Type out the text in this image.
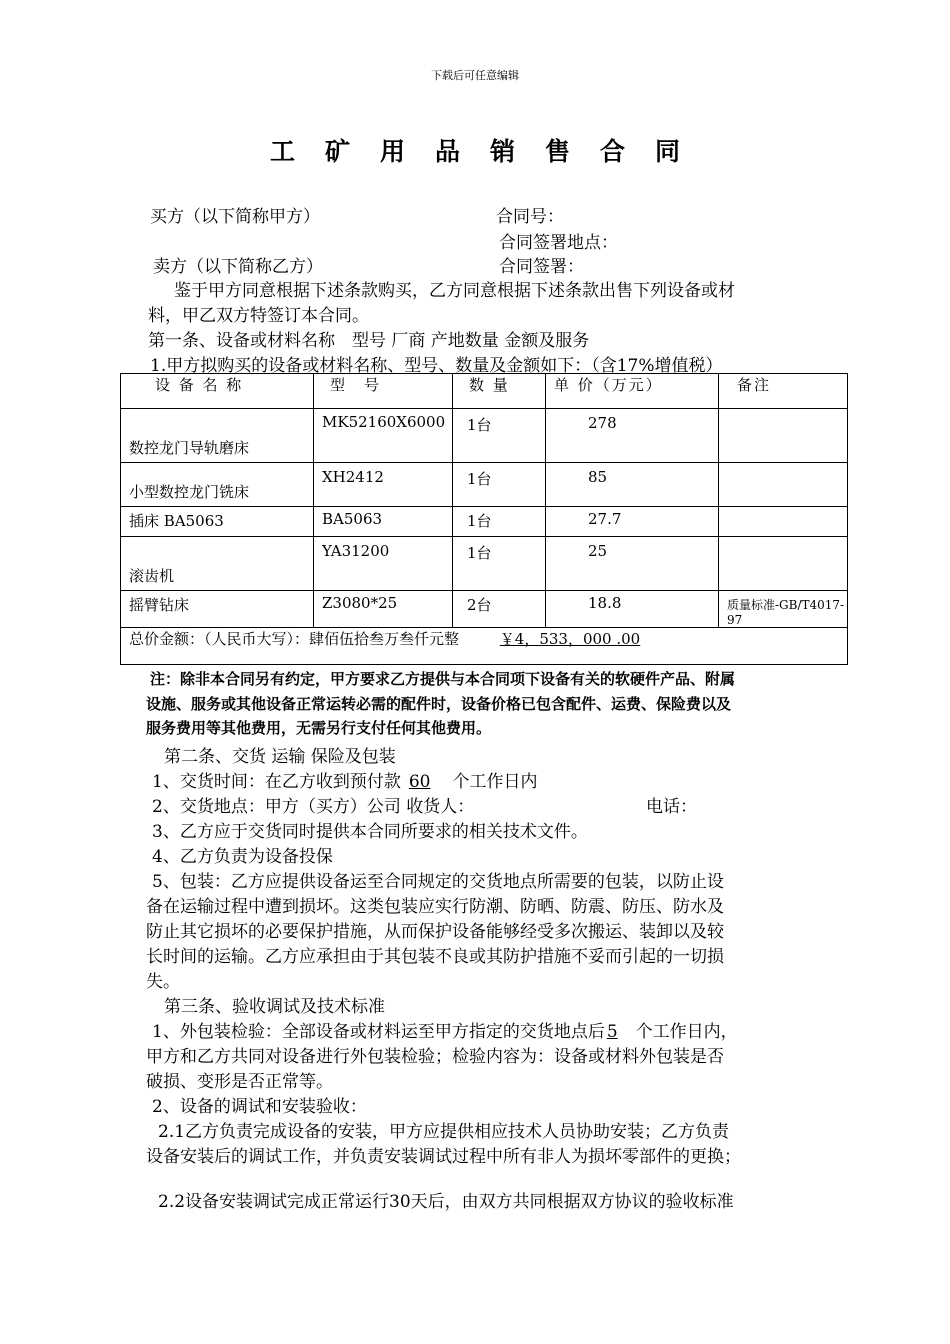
下载后可任意编辑
工矿用品销售合同
买方（以下简称甲方）	合同号：
合同签署地点：
卖方（以下简称乙方）	合同签署：
鉴于甲方同意根据下述条款购买，乙方同意根据下述条款出售下列设备或材
料，甲乙双方特签订本合同。
第一条、设备或材料名称　型号 厂商 产地数量 金额及服务
1.甲方拟购买的设备或材料名称、型号、数量及金额如下：（含17%增值税）
设 备 名 称	型　号	数 量	单 价（万元）	备注
数控龙门导轨磨床	MK52160X6000	1台	278	
小型数控龙门铣床	XH2412	1台	85	
插床 BA5063	BA5063	1台	27.7	
滚齿机	YA31200	1台	25	
摇臂钻床	Z3080*25	2台	18.8	质量标准-GB/T4017-97
总价金额：（人民币大写）：肆佰伍拾叁万叁仟元整 ￥4，533，000 .00				
注：除非本合同另有约定，甲方要求乙方提供与本合同项下设备有关的软硬件产品、附属
设施、服务或其他设备正常运转必需的配件时，设备价格已包含配件、运费、保险费以及
服务费用等其他费用，无需另行支付任何其他费用。
第二条、交货 运输 保险及包装
1、交货时间：在乙方收到预付款 60 个工作日内
2、交货地点：甲方（买方）公司 收货人：	电话：
3、乙方应于交货同时提供本合同所要求的相关技术文件。
4、乙方负责为设备投保
5、包装：乙方应提供设备运至合同规定的交货地点所需要的包装，以防止设
备在运输过程中遭到损坏。这类包装应实行防潮、防晒、防震、防压、防水及
防止其它损坏的必要保护措施，从而保护设备能够经受多次搬运、装卸以及较
长时间的运输。乙方应承担由于其包装不良或其防护措施不妥而引起的一切损
失。
第三条、验收调试及技术标准
1、外包装检验：全部设备或材料运至甲方指定的交货地点后 5 个工作日内，
甲方和乙方共同对设备进行外包装检验；检验内容为：设备或材料外包装是否
破损、变形是否正常等。
2、设备的调试和安装验收：
2.1乙方负责完成设备的安装，甲方应提供相应技术人员协助安装；乙方负责
设备安装后的调试工作，并负责安装调试过程中所有非人为损坏零部件的更换；
2.2设备安装调试完成正常运行30天后，由双方共同根据双方协议的验收标准
